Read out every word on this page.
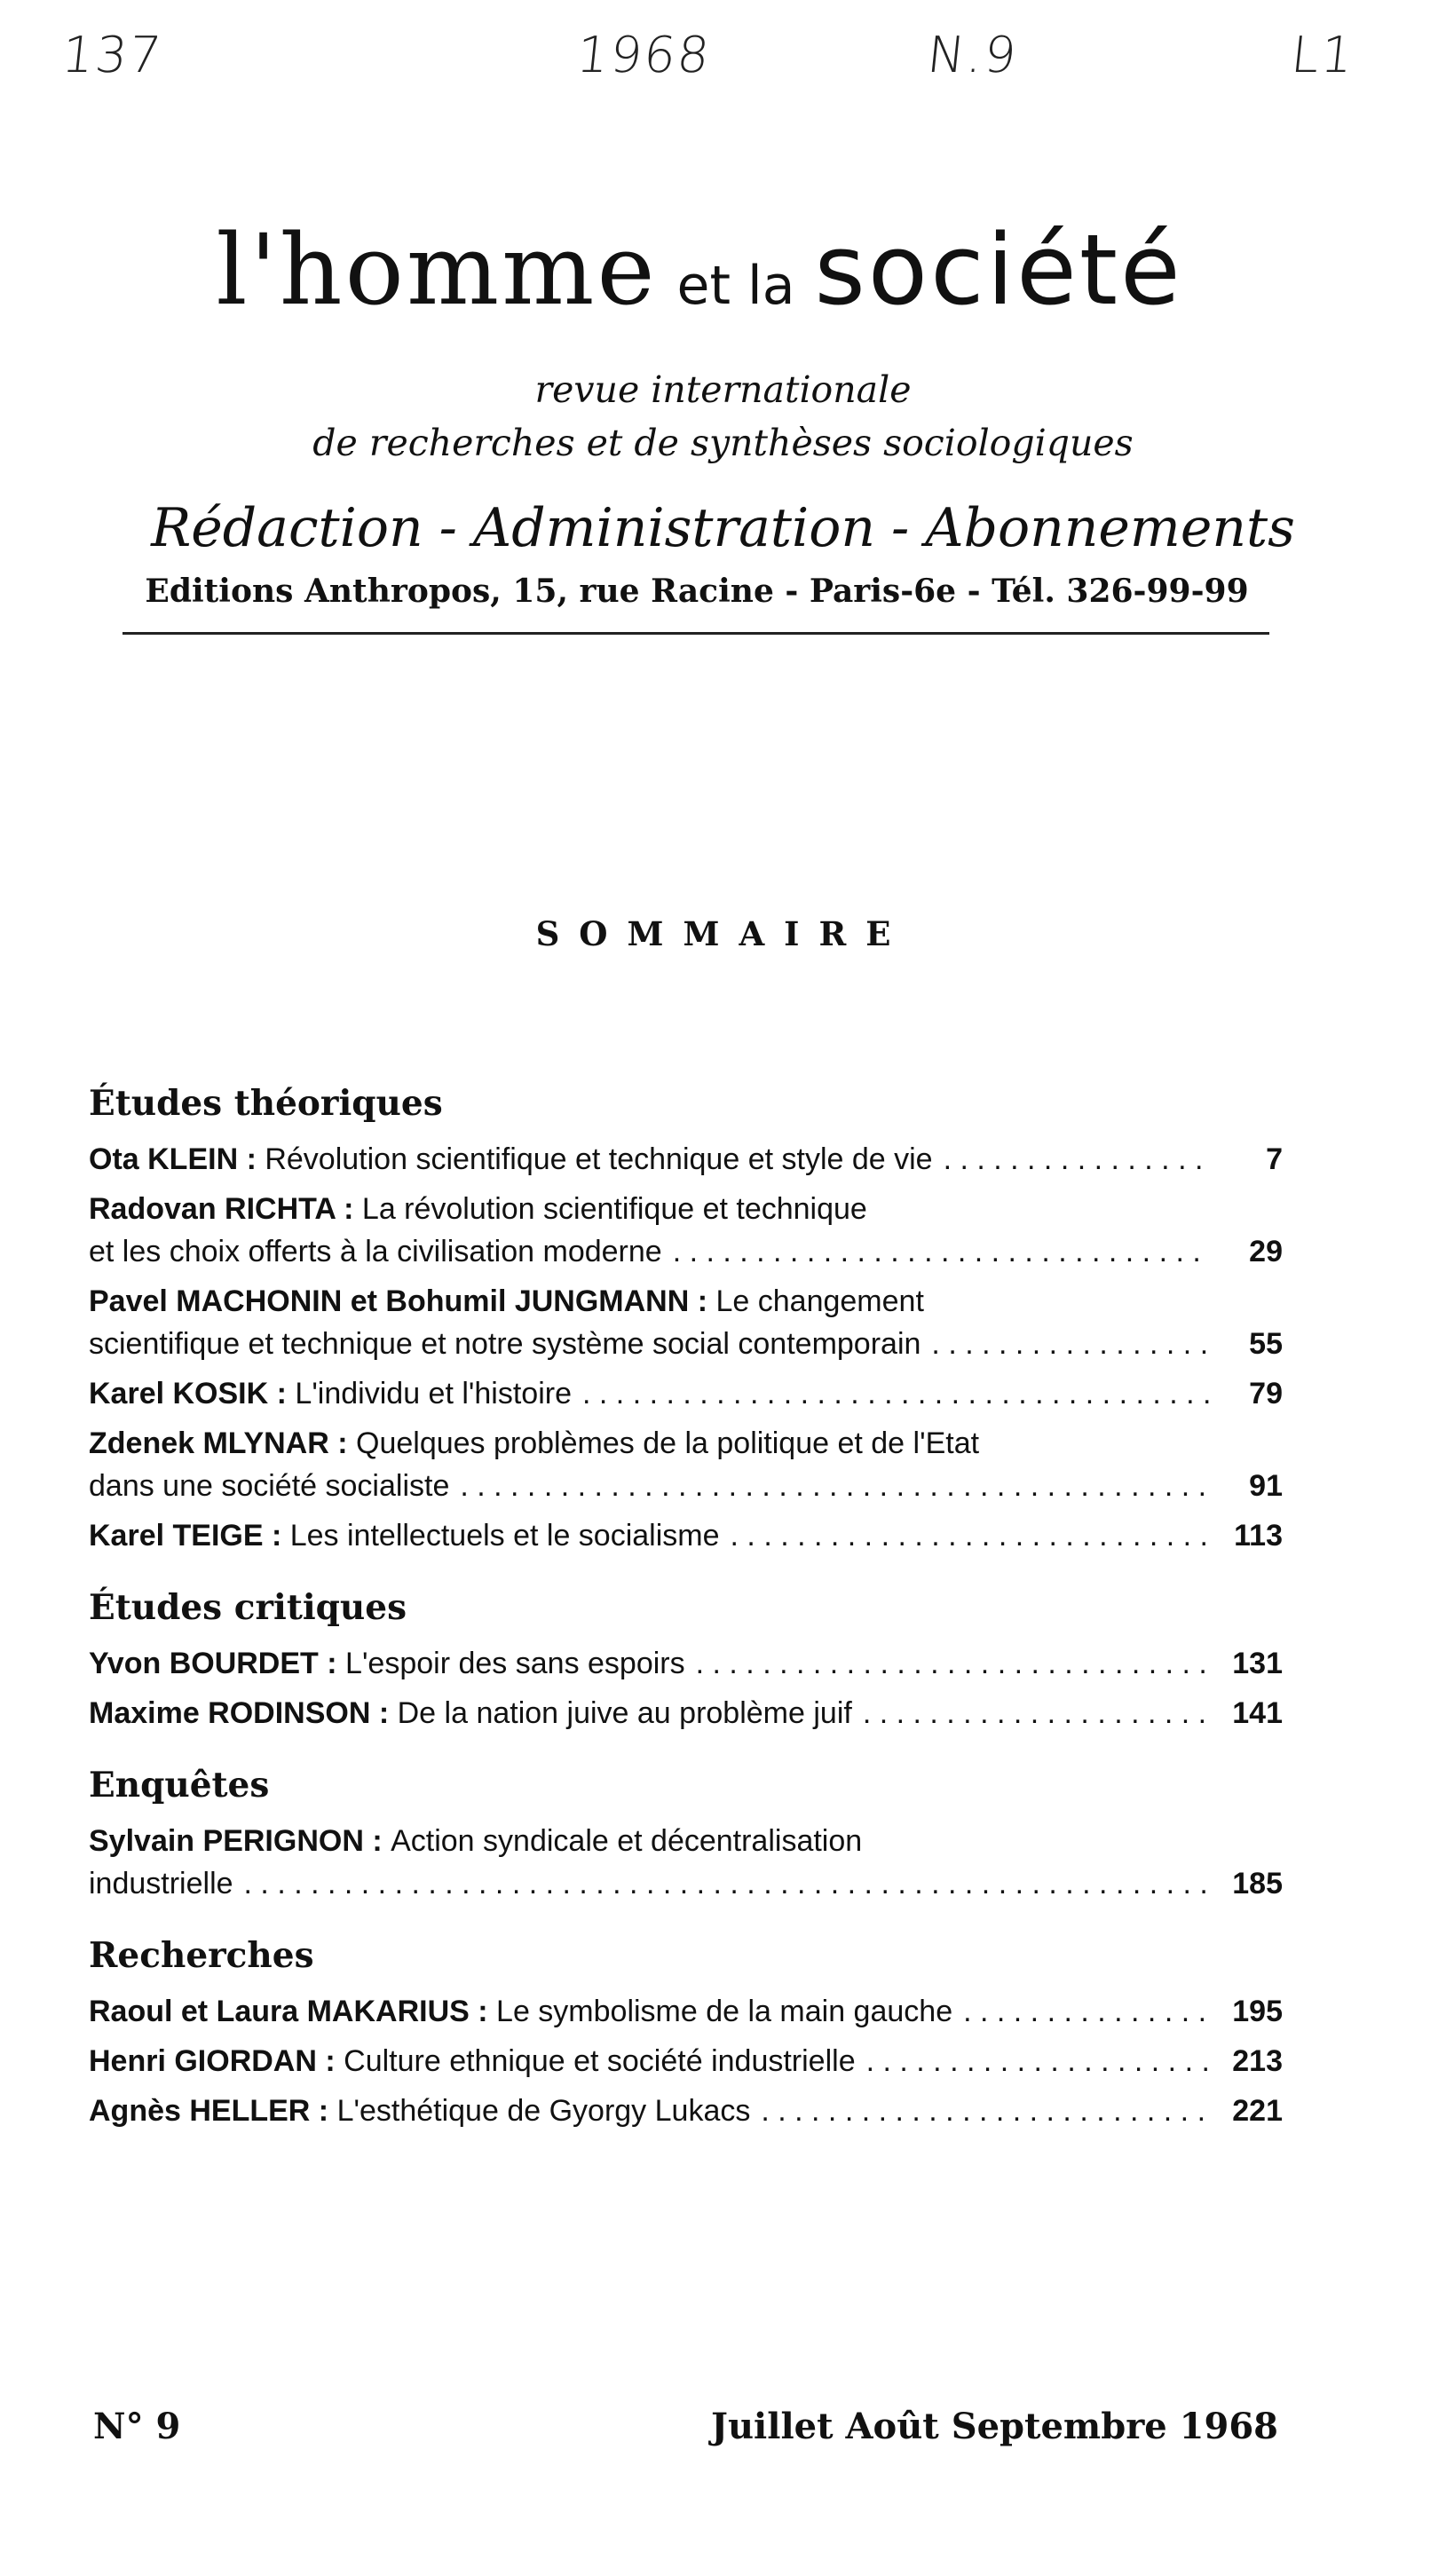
137	1968	N.9	L1
l'homme et la société
revue internationale
de recherches et de synthèses sociologiques
Rédaction - Administration - Abonnements
Editions Anthropos, 15, rue Racine - Paris-6e - Tél. 326-99-99
SOMMAIRE
Études théoriques
Ota KLEIN : Révolution scientifique et technique et style de vie . . .	7
Radovan RICHTA : La révolution scientifique et technique
et les choix offerts à la civilisation moderne . . .	29
Pavel MACHONIN et Bohumil JUNGMANN : Le changement
scientifique et technique et notre système social contemporain . . .	55
Karel KOSIK : L'individu et l'histoire . . .	79
Zdenek MLYNAR : Quelques problèmes de la politique et de l'Etat
dans une société socialiste . . .	91
Karel TEIGE : Les intellectuels et le socialisme . . .	113
Études critiques
Yvon BOURDET : L'espoir des sans espoirs . . .	131
Maxime RODINSON : De la nation juive au problème juif . . .	141
Enquêtes
Sylvain PERIGNON : Action syndicale et décentralisation
industrielle . . .	185
Recherches
Raoul et Laura MAKARIUS : Le symbolisme de la main gauche . . .	195
Henri GIORDAN : Culture ethnique et société industrielle . . .	213
Agnès HELLER : L'esthétique de Gyorgy Lukacs . . .	221
N° 9	Juillet Août Septembre 1968
